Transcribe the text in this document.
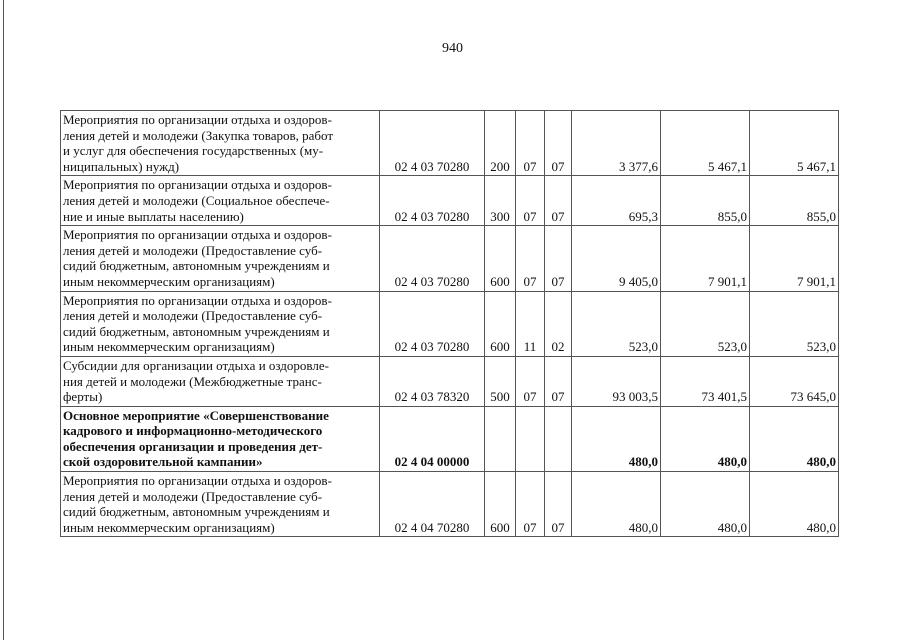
940
Мероприятия по организации отдыха и оздоров-
ления детей и молодежи (Закупка товаров, работ
и услуг для обеспечения государственных (му-
ниципальных) нужд)	02 4 03 70280	200	07	07	3 377,6	5 467,1	5 467,1

Мероприятия по организации отдыха и оздоров-
ления детей и молодежи (Социальное обеспече-
ние и иные выплаты населению)	02 4 03 70280	300	07	07	695,3	855,0	855,0

Мероприятия по организации отдыха и оздоров-
ления детей и молодежи (Предоставление суб-
сидий бюджетным, автономным учреждениям и
иным некоммерческим организациям)	02 4 03 70280	600	07	07	9 405,0	7 901,1	7 901,1

Мероприятия по организации отдыха и оздоров-
ления детей и молодежи (Предоставление суб-
сидий бюджетным, автономным учреждениям и
иным некоммерческим организациям)	02 4 03 70280	600	11	02	523,0	523,0	523,0

Субсидии для организации отдыха и оздоровле-
ния детей и молодежи (Межбюджетные транс-
ферты)	02 4 03 78320	500	07	07	93 003,5	73 401,5	73 645,0

Основное мероприятие «Совершенствование
кадрового и информационно-методического
обеспечения организации и проведения дет-
ской оздоровительной кампании»	02 4 04 00000				480,0	480,0	480,0

Мероприятия по организации отдыха и оздоров-
ления детей и молодежи (Предоставление суб-
сидий бюджетным, автономным учреждениям и
иным некоммерческим организациям)	02 4 04 70280	600	07	07	480,0	480,0	480,0
